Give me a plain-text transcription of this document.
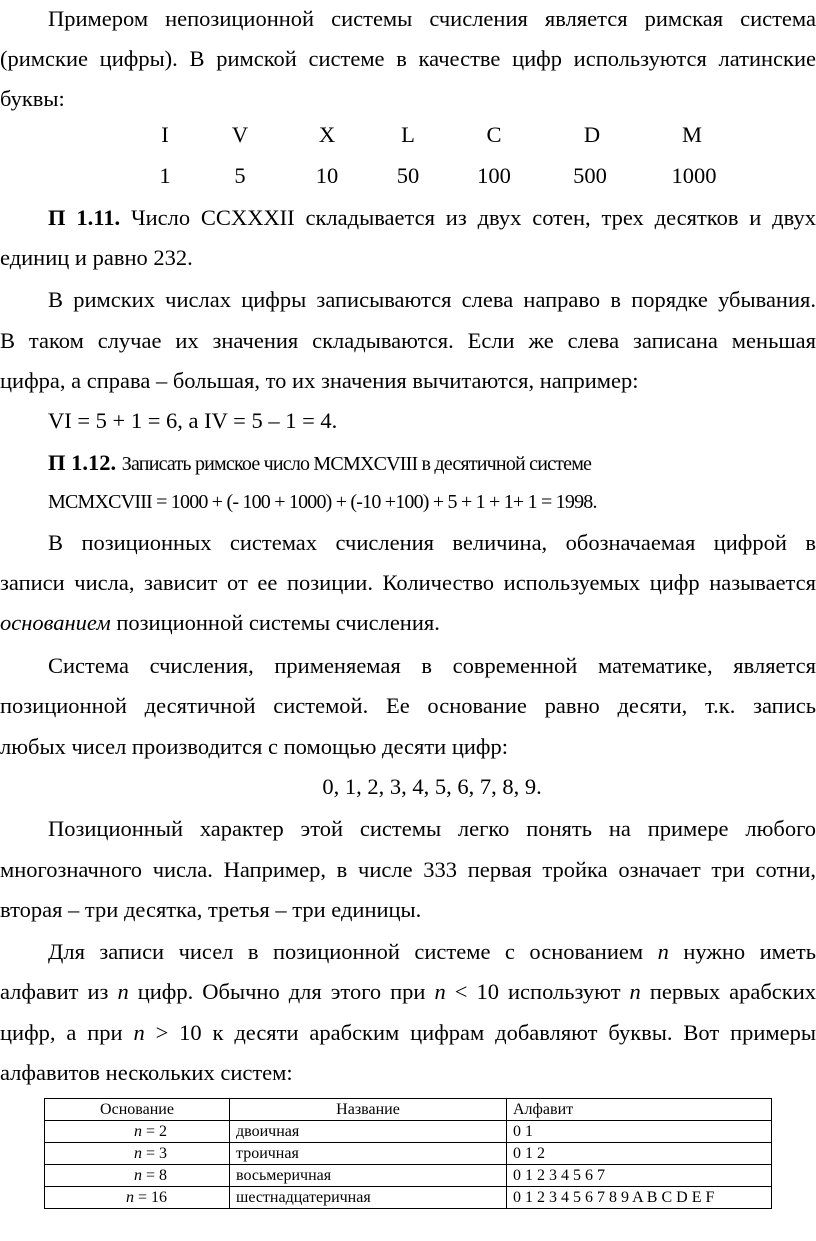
Примером непозиционной системы счисления является римская система
(римские цифры). В римской системе в качестве цифр используются латинские
буквы:
I	V	X	L	C	D	M
1	5	10	50	100	500	1000
П 1.11. Число CCXXXII складывается из двух сотен, трех десятков и двух
единиц и равно 232.
В римских числах цифры записываются слева направо в порядке убывания.
В таком случае их значения складываются. Если же слева записана меньшая
цифра, а справа – большая, то их значения вычитаются, например:
VI = 5 + 1 = 6, а IV = 5 – 1 = 4.
П 1.12. Записать римское число MCMXCVIII в десятичной системе
MCMXCVIII = 1000 + (- 100 + 1000) + (-10 +100) + 5 + 1 + 1+ 1 = 1998.
В позиционных системах счисления величина, обозначаемая цифрой в
записи числа, зависит от ее позиции. Количество используемых цифр называется
основанием позиционной системы счисления.
Система счисления, применяемая в современной математике, является
позиционной десятичной системой. Ее основание равно десяти, т.к. запись
любых чисел производится с помощью десяти цифр:
0, 1, 2, 3, 4, 5, 6, 7, 8, 9.
Позиционный характер этой системы легко понять на примере любого
многозначного числа. Например, в числе 333 первая тройка означает три сотни,
вторая – три десятка, третья – три единицы.
Для записи чисел в позиционной системе с основанием n нужно иметь
алфавит из n цифр. Обычно для этого при n < 10 используют n первых арабских
цифр, а при n > 10 к десяти арабским цифрам добавляют буквы. Вот примеры
алфавитов нескольких систем:
Основание	Название	Алфавит
n = 2	двоичная	0 1
n = 3	троичная	0 1 2
n = 8	восьмеричная	0 1 2 3 4 5 6 7
n = 16	шестнадцатеричная	0 1 2 3 4 5 6 7 8 9 A B C D E F
